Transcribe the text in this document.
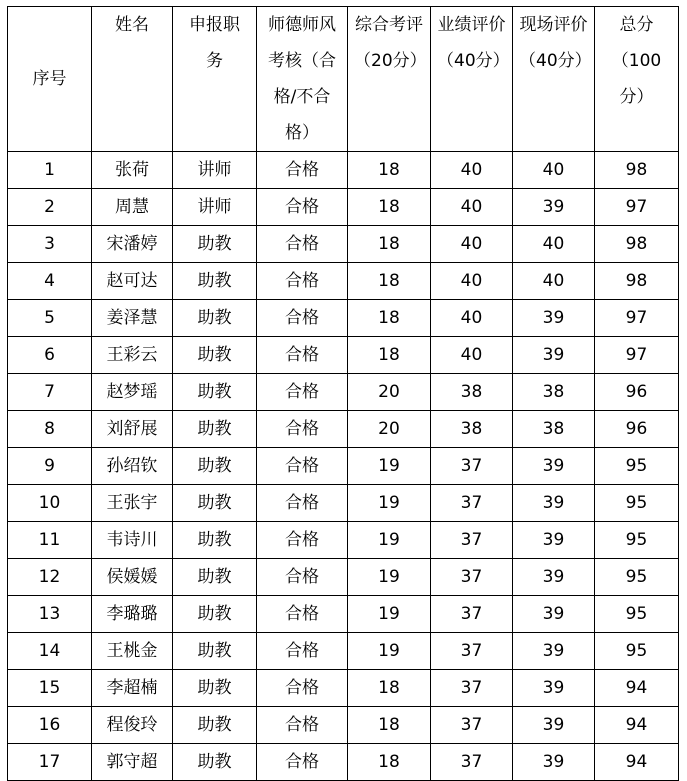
序号	姓名	申报职务	师德师风考核（合格/不合格）	综合考评（20分）	业绩评价（40分）	现场评价（40分）	总分（100分）

1	张荷	讲师	合格	18	40	40	98
2	周慧	讲师	合格	18	40	39	97
3	宋潘婷	助教	合格	18	40	40	98
4	赵可达	助教	合格	18	40	40	98
5	姜泽慧	助教	合格	18	40	39	97
6	王彩云	助教	合格	18	40	39	97
7	赵梦瑶	助教	合格	20	38	38	96
8	刘舒展	助教	合格	20	38	38	96
9	孙绍钦	助教	合格	19	37	39	95
10	王张宇	助教	合格	19	37	39	95
11	韦诗川	助教	合格	19	37	39	95
12	侯媛媛	助教	合格	19	37	39	95
13	李璐璐	助教	合格	19	37	39	95
14	王桃金	助教	合格	19	37	39	95
15	李超楠	助教	合格	18	37	39	94
16	程俊玲	助教	合格	18	37	39	94
17	郭守超	助教	合格	18	37	39	94
